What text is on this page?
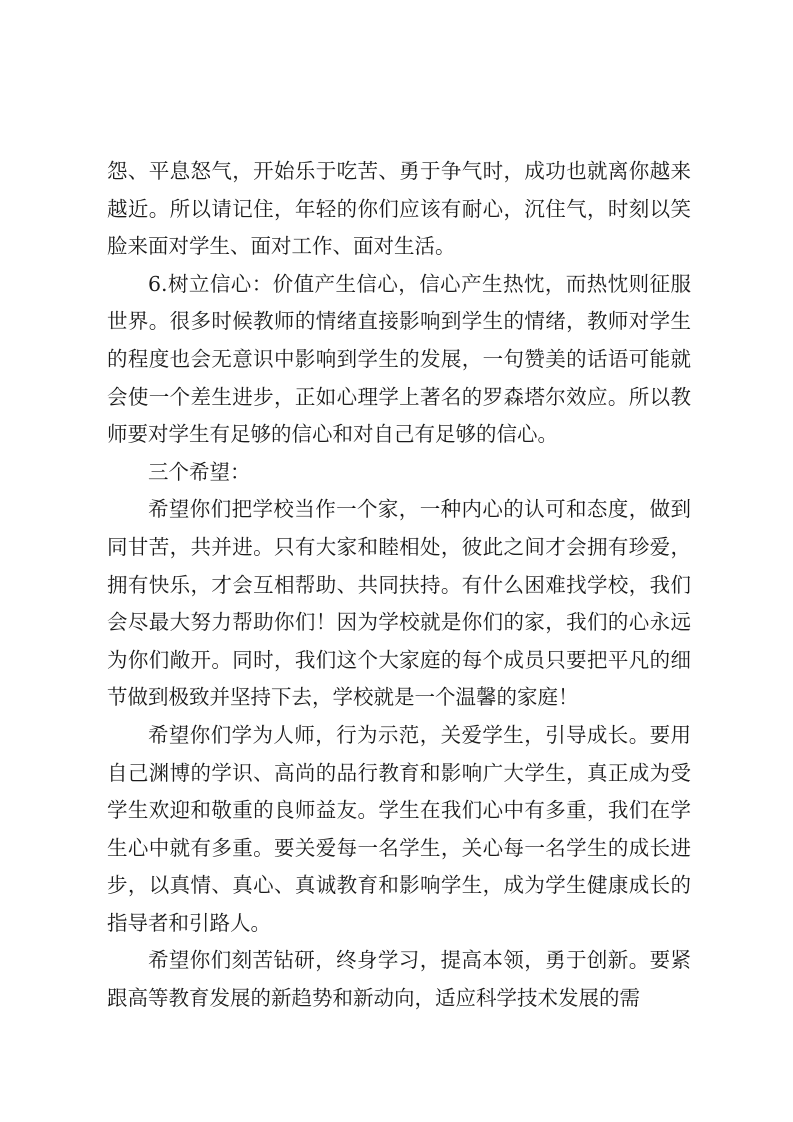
怨、平息怒气，开始乐于吃苦、勇于争气时，成功也就离你越来越近。所以请记住，年轻的你们应该有耐心，沉住气，时刻以笑脸来面对学生、面对工作、面对生活。

6.树立信心：价值产生信心，信心产生热忱，而热忱则征服世界。很多时候教师的情绪直接影响到学生的情绪，教师对学生的程度也会无意识中影响到学生的发展，一句赞美的话语可能就会使一个差生进步，正如心理学上著名的罗森塔尔效应。所以教师要对学生有足够的信心和对自己有足够的信心。

三个希望：

希望你们把学校当作一个家，一种内心的认可和态度，做到同甘苦，共并进。只有大家和睦相处，彼此之间才会拥有珍爱，拥有快乐，才会互相帮助、共同扶持。有什么困难找学校，我们会尽最大努力帮助你们！因为学校就是你们的家，我们的心永远为你们敞开。同时，我们这个大家庭的每个成员只要把平凡的细节做到极致并坚持下去，学校就是一个温馨的家庭！

希望你们学为人师，行为示范，关爱学生，引导成长。要用自己渊博的学识、高尚的品行教育和影响广大学生，真正成为受学生欢迎和敬重的良师益友。学生在我们心中有多重，我们在学生心中就有多重。要关爱每一名学生，关心每一名学生的成长进步，以真情、真心、真诚教育和影响学生，成为学生健康成长的指导者和引路人。

希望你们刻苦钻研，终身学习，提高本领，勇于创新。要紧跟高等教育发展的新趋势和新动向，适应科学技术发展的需
